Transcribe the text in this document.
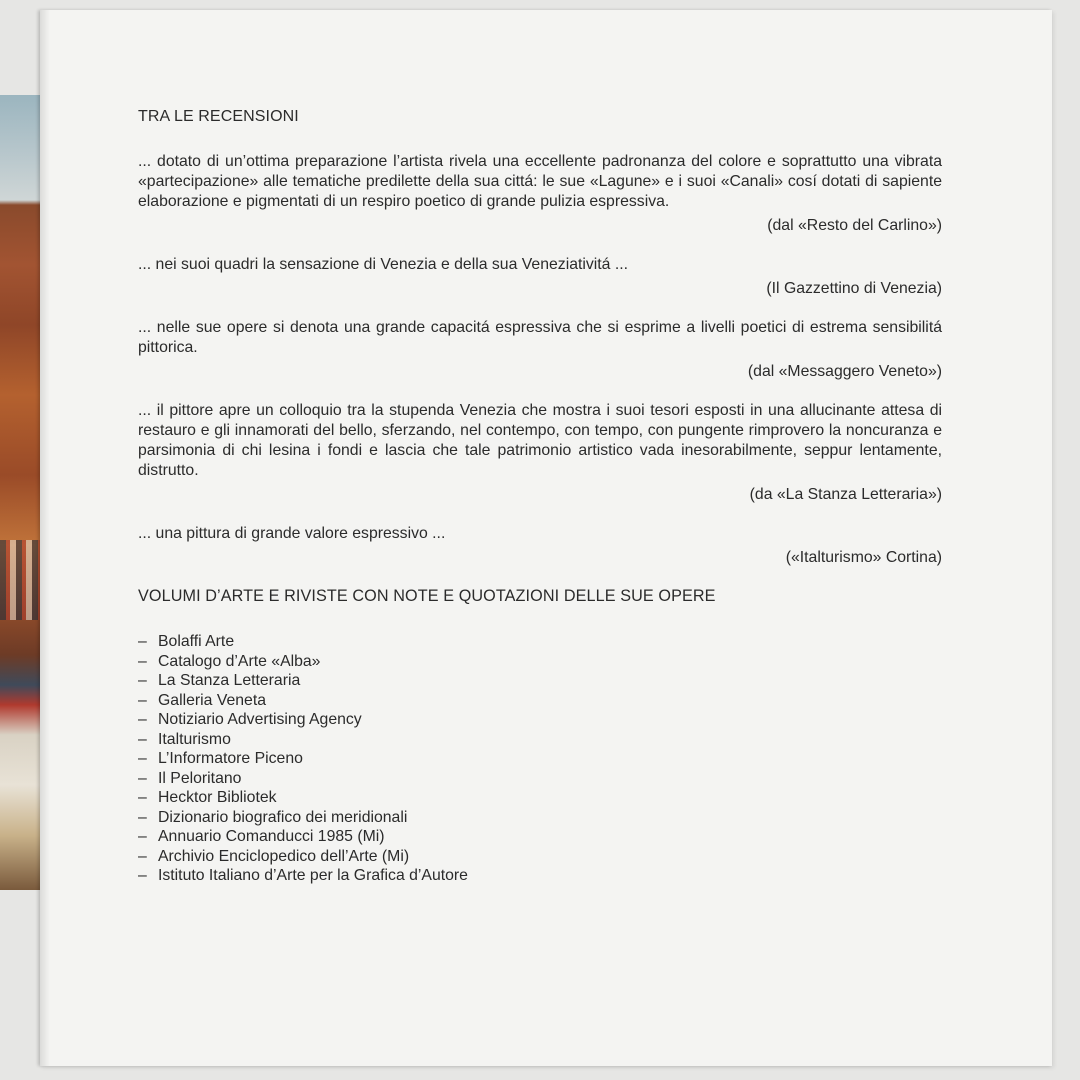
TRA LE RECENSIONI

... dotato di un’ottima preparazione l’artista rivela una eccellente padronanza del colore e soprattutto una vibrata «partecipazione» alle tematiche predilette della sua cittá: le sue «Lagune» e i suoi «Canali» cosí dotati di sapiente elaborazione e pigmentati di un respiro poetico di grande pulizia espressiva.

(dal «Resto del Carlino»)

... nei suoi quadri la sensazione di Venezia e della sua Veneziativitá ...

(Il Gazzettino di Venezia)

... nelle sue opere si denota una grande capacitá espressiva che si esprime a livelli poetici di estrema sensibilitá pittorica.

(dal «Messaggero Veneto»)

... il pittore apre un colloquio tra la stupenda Venezia che mostra i suoi tesori esposti in una allucinante attesa di restauro e gli innamorati del bello, sferzando, nel contempo, con tempo, con pungente rimprovero la noncuranza e parsimonia di chi lesina i fondi e lascia che tale patrimonio artistico vada inesorabilmente, seppur lentamente, distrutto.

(da «La Stanza Letteraria»)

... una pittura di grande valore espressivo ...

(«Italturismo» Cortina)

VOLUMI D’ARTE E RIVISTE CON NOTE E QUOTAZIONI DELLE SUE OPERE
– Bolaffi Arte
– Catalogo d’Arte «Alba»
– La Stanza Letteraria
– Galleria Veneta
– Notiziario Advertising Agency
– Italturismo
– L’Informatore Piceno
– Il Peloritano
– Hecktor Bibliotek
– Dizionario biografico dei meridionali
– Annuario Comanducci 1985 (Mi)
– Archivio Enciclopedico dell’Arte (Mi)
– Istituto Italiano d’Arte per la Grafica d’Autore
